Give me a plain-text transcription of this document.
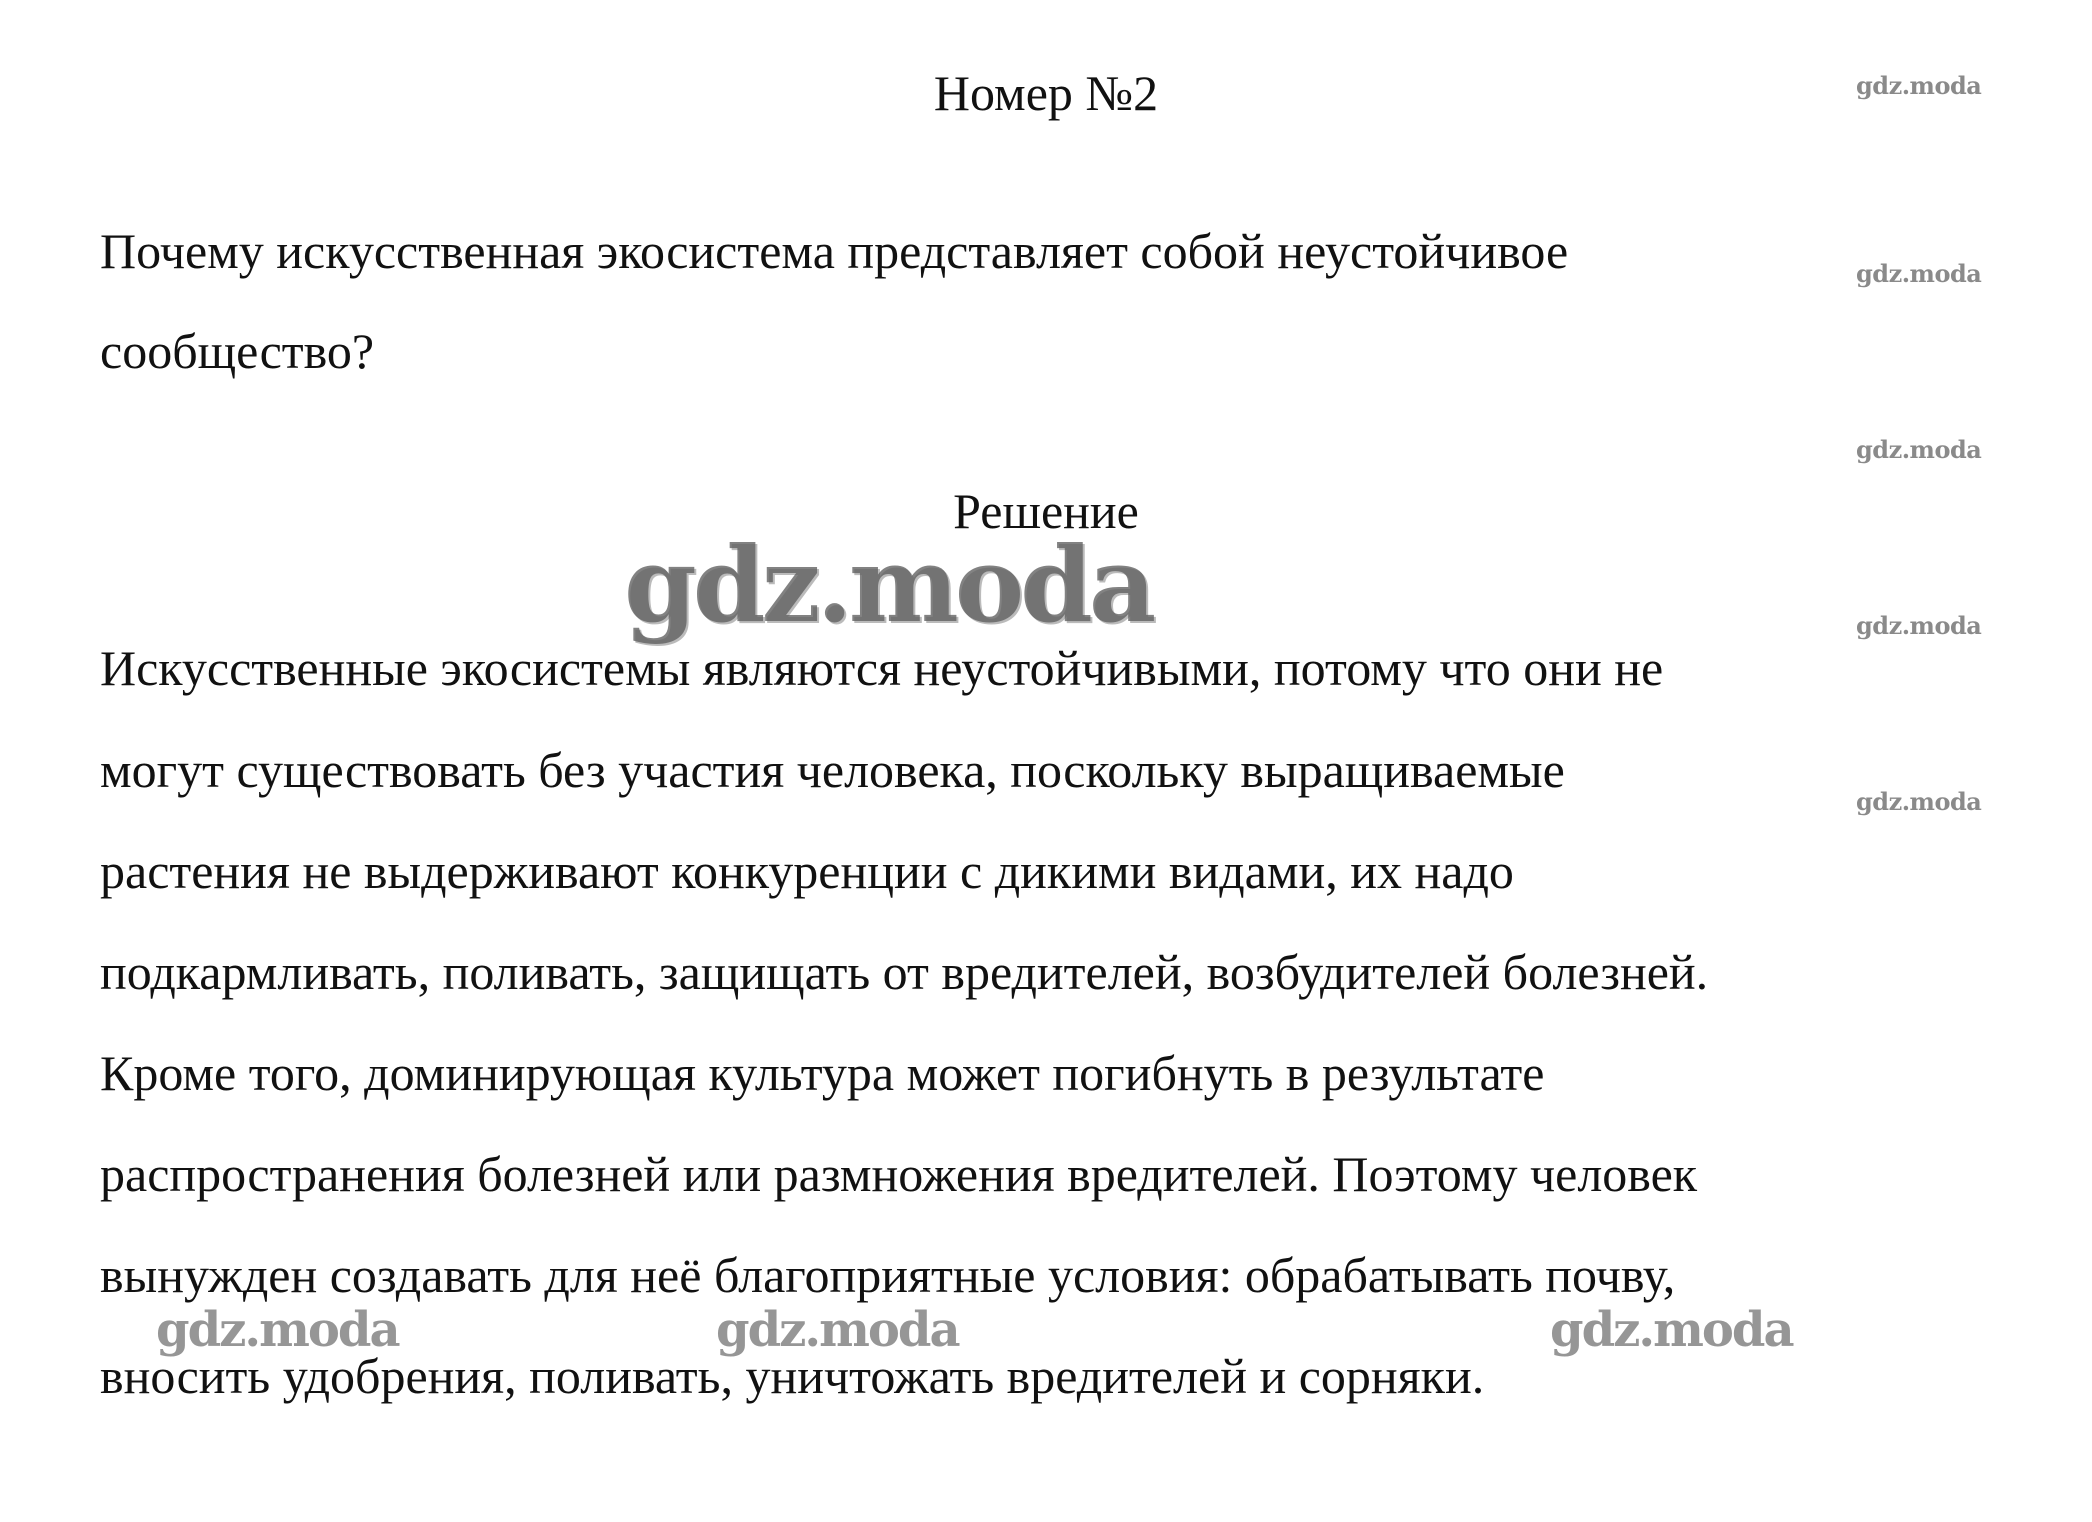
Номер №2

Почему искусственная экосистема представляет собой неустойчивое

сообщество?

Решение
gdz.moda

Искусственные экосистемы являются неустойчивыми, потому что они не

могут существовать без участия человека, поскольку выращиваемые

растения не выдерживают конкуренции с дикими видами, их надо

подкармливать, поливать, защищать от вредителей, возбудителей болезней.

Кроме того, доминирующая культура может погибнуть в результате

распространения болезней или размножения вредителей. Поэтому человек

вынужден создавать для неё благоприятные условия: обрабатывать почву,

вносить удобрения, поливать, уничтожать вредителей и сорняки.

gdz.moda
gdz.moda
gdz.moda
gdz.moda
gdz.moda
gdz.moda	gdz.moda	gdz.moda
